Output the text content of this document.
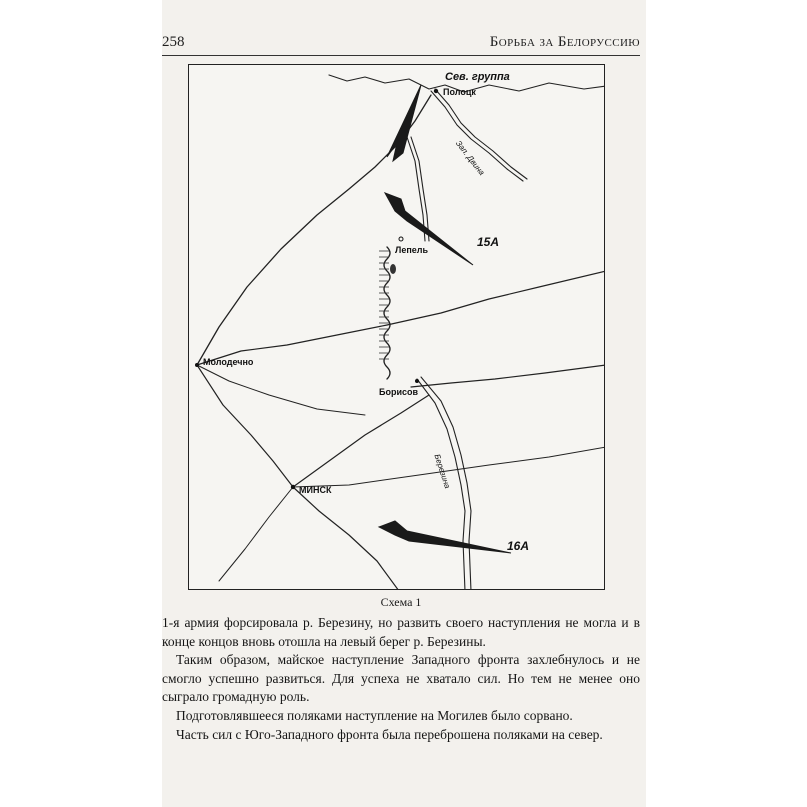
258	Борьба за Белоруссию
Сев. группа
Полоцк
Зап. Двина
15А
Лепель
Молодечно
Борисов
Березина
МИНСК
16А
Схема 1

1-я армия форсировала р. Березину, но развить своего наступления не могла и в конце концов вновь отошла на левый берег р. Березины.

Таким образом, майское наступление Западного фронта захлебнулось и не смогло успешно развиться. Для успеха не хватало сил. Но тем не менее оно сыграло громадную роль.

Подготовлявшееся поляками наступление на Могилев было сорвано.

Часть сил с Юго-Западного фронта была переброшена поляками на север.
